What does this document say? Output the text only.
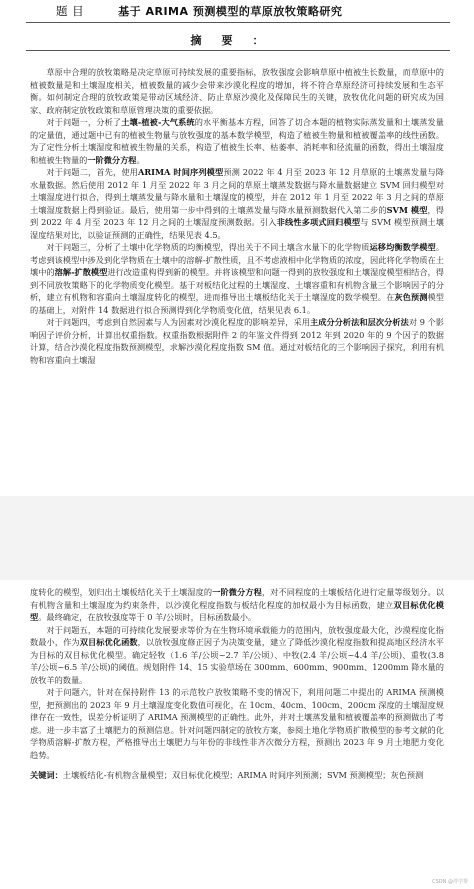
题 目	基于 ARIMA 预测模型的草原放牧策略研究
摘要：

草原中合理的放牧策略是决定草原可持续发展的重要指标，放牧强度会影响草原中植被生长数量，而草原中的植被数量是和土壤湿度相关，植被数量的减少会带来沙漠化程度的增加，将不符合草原经济可持续发展和生态平衡。如何制定合理的放牧政策是带动区域经济、防止草原沙漠化及保障民生的关键，放牧优化问题的研究成为国家、政府制定放牧政策和草原管理决策的重要依据。

对于问题一，分析了土壤-植被-大气系统的水平衡基本方程，回答了切合本题的植物实际蒸发量和土壤蒸发量的定量值，通过题中已有的植被生物量与放牧强度的基本数学模型，构造了植被生物量和植被覆盖率的线性函数。为了定性分析土壤湿度和植被生物量的关系，构造了植被生长率、枯萎率、消耗率和径流量的函数，得出土壤湿度和植被生物量的一阶微分方程。

对于问题二，首先，使用ARIMA 时间序列模型预测 2022 年 4 月至 2023 年 12 月草原的土壤蒸发量与降水量数据。然后使用 2012 年 1 月至 2022 年 3 月之间的草原土壤蒸发数据与降水量数据建立 SVM 回归模型对土壤湿度进行拟合，得到土壤蒸发量与降水量和土壤湿度的模型，并在 2012 年 1 月至 2022 年 3 月之间的草原土壤湿度数据上得到验证。最后，使用第一步中得到的土壤蒸发量与降水量预测数据代入第二步的SVM 模型，得到 2022 年 4 月至 2023 年 12 月之间的土壤湿度预测数据。引入非线性多项式回归模型与 SVM 模型预测土壤湿度结果对比，以验证预测的正确性，结果见表 4.5。

对于问题三，分析了土壤中化学物质的均衡模型，得出关于不同土壤含水量下的化学物质运移均衡数学模型。考虑到该模型中涉及到化学物质在土壤中的溶解-扩散性质，且不考虑液相中化学物质的浓度，因此将化学物质在土壤中的溶解-扩散模型进行改造重构得到新的模型。并将该模型和问题一得到的放牧强度和土壤湿度模型相结合，得到不同放牧策略下的化学物质变化模型。基于对板结化过程的土壤湿度、土壤容重和有机物含量三个影响因子的分析，建立有机物和容重向土壤湿度转化的模型，进而推导出土壤板结化关于土壤湿度的数学模型。在灰色预测模型的基础上，对附件 14 数据进行拟合预测得到化学物质变化值，结果见表 6.1。

对于问题四，考虑到自然因素与人为因素对沙漠化程度的影响差异，采用主成分分析法和层次分析法对 9 个影响因子评价分析，计算出权重指数。权重指数根据附件 2 的年鉴文件得到 2012 年到 2020 年的 9 个因子的数据计算，结合沙漠化程度指数预测模型，求解沙漠化程度指数 SM 值。通过对板结化的三个影响因子探究，利用有机物和容重向土壤湿

度转化的模型，划归出土壤板结化关于土壤湿度的一阶微分方程，对不同程度的土壤板结化进行定量等级划分。以有机物含量和土壤湿度为约束条件，以沙漠化程度指数与板结化程度的加权最小为目标函数，建立双目标优化模型。最终确定，在放牧强度等于 0 羊/公顷时，目标函数最小。

对于问题五，本题的可持续化发展要求等价为在生物环境承载能力的范围内，放牧强度最大化，沙漠程度化指数最小，作为双目标优化函数，以放牧强度修正因子为决策变量，建立了降低沙漠化程度指数和提高地区经济水平为目标的双目标优化模型。确定轻牧（1.6 羊/公顷~2.7 羊/公顷）、中牧(2.4 羊/公顷~4.4 羊/公顷)、重牧(3.8 羊/公顷~6.5 羊/公顷)的阈值。规划附件 14、15 实验草场在 300mm、600mm、900mm、1200mm 降水量的放牧羊的数量。

对于问题六，针对在保持附件 13 的示范牧户放牧策略不变的情况下，利用问题二中提出的 ARIMA 预测模型，把预测出的 2023 年 9 月土壤湿度变化数值可视化，在 10cm、40cm、100cm、200cm 深度的土壤湿度规律存在一致性，误差分析证明了 ARIMA 预测模型的正确性。此外，并对土壤蒸发量和植被覆盖率的预测做出了考虑。进一步丰富了土壤肥力的预测信息。针对问题四制定的放牧方案，参阅土地化学物质扩散模型的参考文献的化学物质溶解-扩散方程，严格推导出土壤肥力与年份的非线性非齐次微分方程，预测出 2023 年 9 月土地肥力变化趋势。

关键词：土壤板结化-有机物含量模型；双目标优化模型；ARIMA 时间序列预测；SVM 预测模型；灰色预测

CSDN @伴学帮
